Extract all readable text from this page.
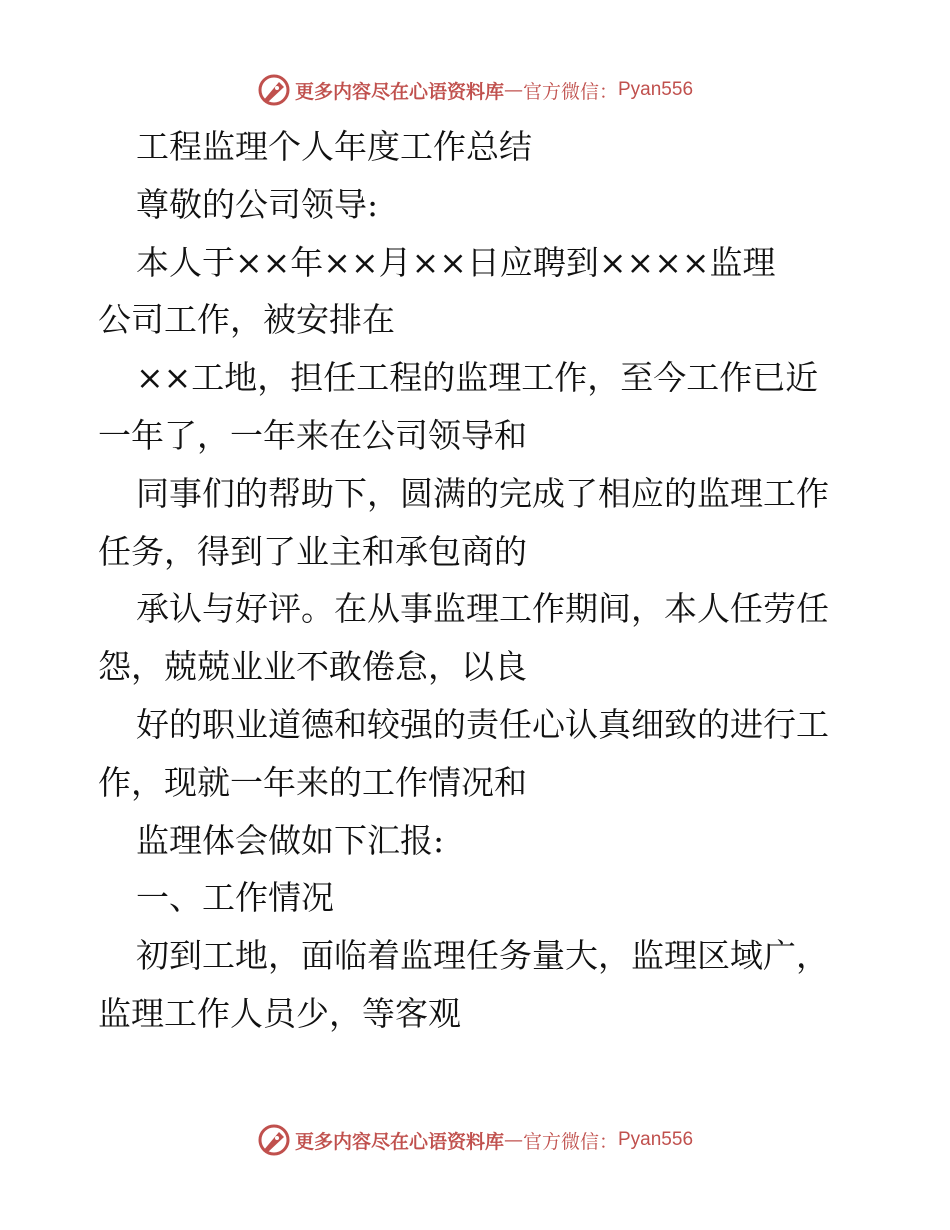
更多内容尽在心语资料库 — 官方微信： Pyan556
工程监理个人年度工作总结
尊敬的公司领导:
本人于××年××月××日应聘到××××监理
公司工作，被安排在
××工地，担任工程的监理工作，至今工作已近
一年了，一年来在公司领导和
同事们的帮助下，圆满的完成了相应的监理工作
任务，得到了业主和承包商的
承认与好评。在从事监理工作期间，本人任劳任
怨，兢兢业业不敢倦怠，以良
好的职业道德和较强的责任心认真细致的进行工
作，现就一年来的工作情况和
监理体会做如下汇报:
一、工作情况
初到工地，面临着监理任务量大，监理区域广，
监理工作人员少，等客观
更多内容尽在心语资料库 — 官方微信： Pyan556
